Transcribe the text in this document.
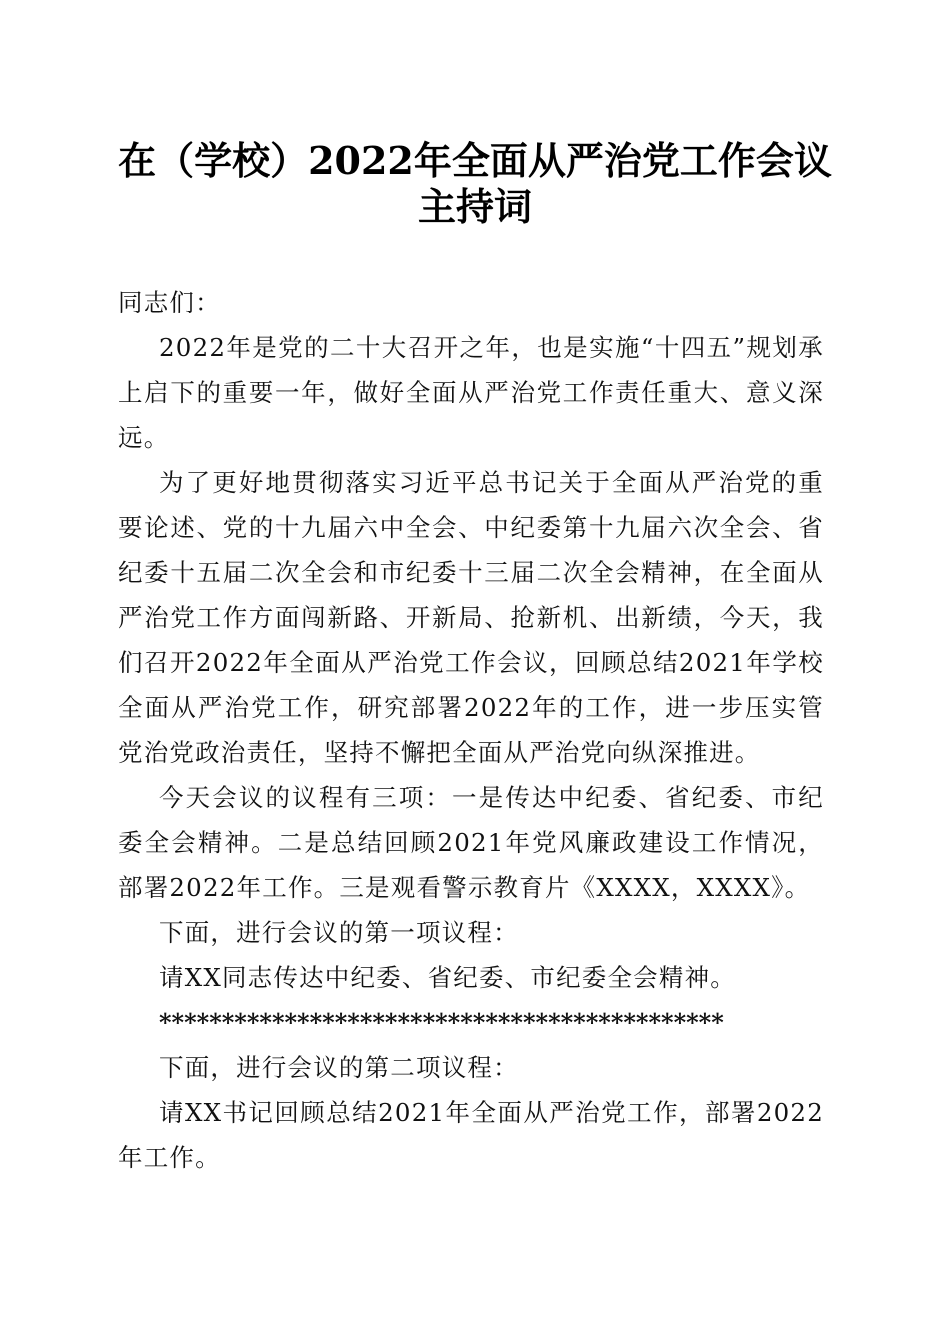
在（学校）2022年全面从严治党工作会议主持词

同志们：

2022年是党的二十大召开之年，也是实施“十四五”规划承上启下的重要一年，做好全面从严治党工作责任重大、意义深远。

为了更好地贯彻落实习近平总书记关于全面从严治党的重要论述、党的十九届六中全会、中纪委第十九届六次全会、省纪委十五届二次全会和市纪委十三届二次全会精神，在全面从严治党工作方面闯新路、开新局、抢新机、出新绩，今天，我们召开2022年全面从严治党工作会议，回顾总结2021年学校全面从严治党工作，研究部署2022年的工作，进一步压实管党治党政治责任，坚持不懈把全面从严治党向纵深推进。

今天会议的议程有三项：一是传达中纪委、省纪委、市纪委全会精神。二是总结回顾2021年党风廉政建设工作情况，部署2022年工作。三是观看警示教育片《XXXX，XXXX》。

下面，进行会议的第一项议程：

请XX同志传达中纪委、省纪委、市纪委全会精神。

*********************************************

下面，进行会议的第二项议程：

请XX书记回顾总结2021年全面从严治党工作，部署2022年工作。
